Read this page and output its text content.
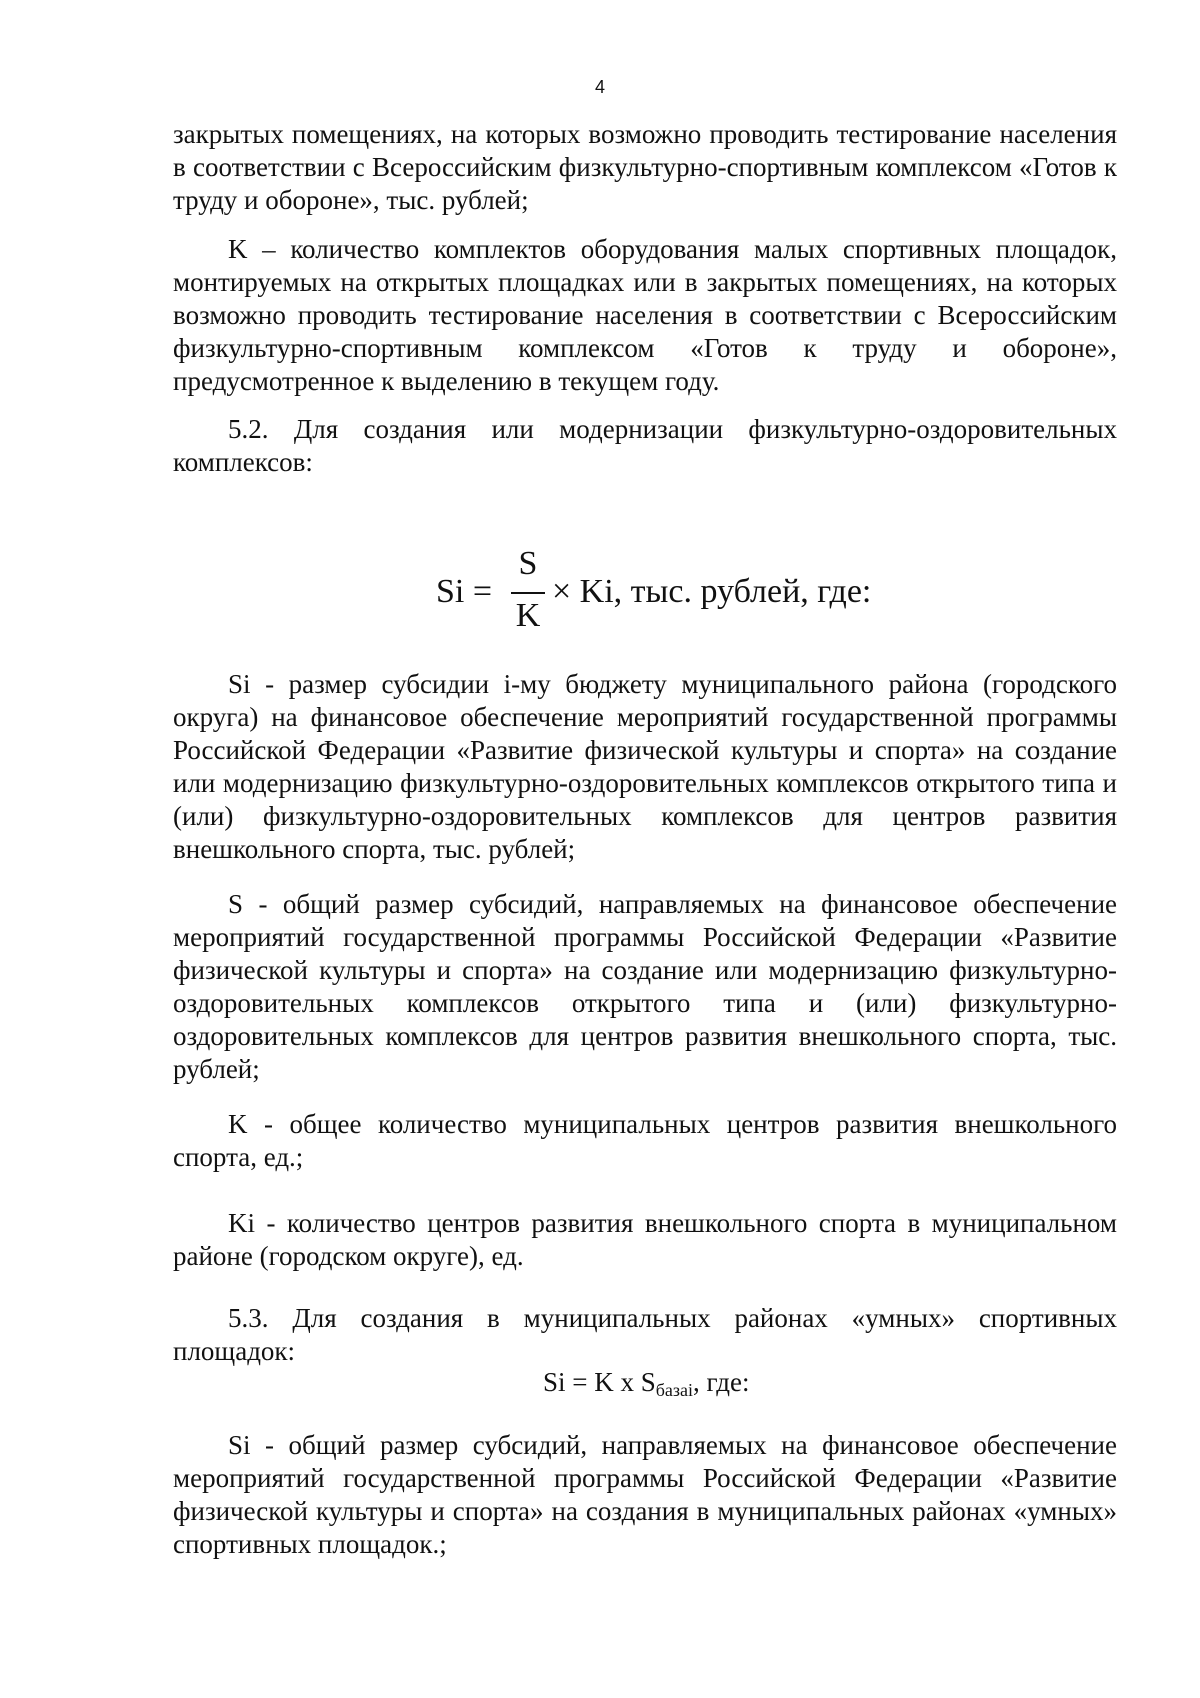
4

закрытых помещениях, на которых возможно проводить тестирование населения в соответствии с Всероссийским физкультурно-спортивным комплексом «Готов к труду и обороне», тыс. рублей;

K – количество комплектов оборудования малых спортивных площадок, монтируемых на открытых площадках или в закрытых помещениях, на которых возможно проводить тестирование населения в соответствии с Всероссийским физкультурно-спортивным комплексом «Готов к труду и обороне», предусмотренное к выделению в текущем году.

5.2. Для создания или модернизации физкультурно-оздоровительных комплексов:

Si =
S
K
× Ki, тыс. рублей, где:

Si - размер субсидии i-му бюджету муниципального района (городского округа) на финансовое обеспечение мероприятий государственной программы Российской Федерации «Развитие физической культуры и спорта» на создание или модернизацию физкультурно-оздоровительных комплексов открытого типа и (или) физкультурно-оздоровительных комплексов для центров развития внешкольного спорта, тыс. рублей;

S - общий размер субсидий, направляемых на финансовое обеспечение мероприятий государственной программы Российской Федерации «Развитие физической культуры и спорта» на создание или модернизацию физкультурно-оздоровительных комплексов открытого типа и (или) физкультурно-оздоровительных комплексов для центров развития внешкольного спорта, тыс. рублей;

K - общее количество муниципальных центров развития внешкольного спорта, ед.;

Ki - количество центров развития внешкольного спорта в муниципальном районе (городском округе), ед.

5.3. Для создания в муниципальных районах «умных» спортивных площадок:

Si = K x $S_{базаi}$, где:

Si - общий размер субсидий, направляемых на финансовое обеспечение мероприятий государственной программы Российской Федерации «Развитие физической культуры и спорта» на создания в муниципальных районах «умных» спортивных площадок.;
